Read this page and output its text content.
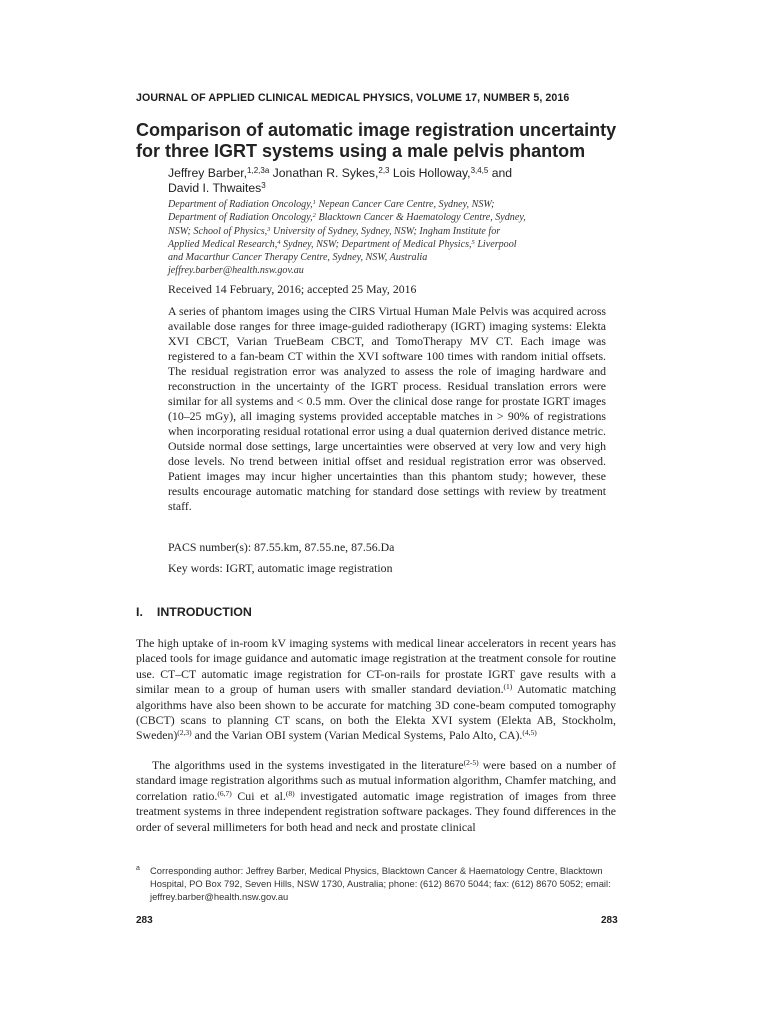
JOURNAL OF APPLIED CLINICAL MEDICAL PHYSICS, VOLUME 17, NUMBER 5, 2016
Comparison of automatic image registration uncertainty
for three IGRT systems using a male pelvis phantom
Jeffrey Barber,$^{1,2,3a}$ Jonathan R. Sykes,$^{2,3}$ Lois Holloway,$^{3,4,5}$ and
David I. Thwaites$^3$
Department of Radiation Oncology,$^1$ Nepean Cancer Care Centre, Sydney, NSW;
Department of Radiation Oncology,$^2$ Blacktown Cancer & Haematology Centre, Sydney,
NSW; School of Physics,$^3$ University of Sydney, Sydney, NSW; Ingham Institute for
Applied Medical Research,$^4$ Sydney, NSW; Department of Medical Physics,$^5$ Liverpool
and Macarthur Cancer Therapy Centre, Sydney, NSW, Australia
jeffrey.barber@health.nsw.gov.au
Received 14 February, 2016; accepted 25 May, 2016

A series of phantom images using the CIRS Virtual Human Male Pelvis was acquired across available dose ranges for three image-guided radiotherapy (IGRT) imaging systems: Elekta XVI CBCT, Varian TrueBeam CBCT, and TomoTherapy MV CT. Each image was registered to a fan-beam CT within the XVI software 100 times with random initial offsets. The residual registration error was analyzed to assess the role of imaging hardware and reconstruction in the uncertainty of the IGRT process. Residual translation errors were similar for all systems and < 0.5 mm. Over the clinical dose range for prostate IGRT images (10–25 mGy), all imaging systems provided acceptable matches in > 90% of registrations when incorporating residual rotational error using a dual quaternion derived distance metric. Outside normal dose settings, large uncertainties were observed at very low and very high dose levels. No trend between initial offset and residual registration error was observed. Patient images may incur higher uncertainties than this phantom study; however, these results encourage automatic matching for standard dose settings with review by treatment staff.

PACS number(s): 87.55.km, 87.55.ne, 87.56.Da
Key words: IGRT, automatic image registration
I. INTRODUCTION

The high uptake of in-room kV imaging systems with medical linear accelerators in recent years has placed tools for image guidance and automatic image registration at the treatment console for routine use. CT–CT automatic image registration for CT-on-rails for prostate IGRT gave results with a similar mean to a group of human users with smaller standard deviation.$^{(1)}$ Automatic matching algorithms have also been shown to be accurate for matching 3D cone-beam computed tomography (CBCT) scans to planning CT scans, on both the Elekta XVI system (Elekta AB, Stockholm, Sweden)$^{(2,3)}$ and the Varian OBI system (Varian Medical Systems, Palo Alto, CA).$^{(4,5)}$

The algorithms used in the systems investigated in the literature$^{(2-5)}$ were based on a number of standard image registration algorithms such as mutual information algorithm, Chamfer matching, and correlation ratio.$^{(6,7)}$ Cui et al.$^{(8)}$ investigated automatic image registration of images from three treatment systems in three independent registration software packages. They found differences in the order of several millimeters for both head and neck and prostate clinical

a Corresponding author: Jeffrey Barber, Medical Physics, Blacktown Cancer & Haematology Centre, Blacktown Hospital, PO Box 792, Seven Hills, NSW 1730, Australia; phone: (612) 8670 5044; fax: (612) 8670 5052; email: jeffrey.barber@health.nsw.gov.au
283	283
